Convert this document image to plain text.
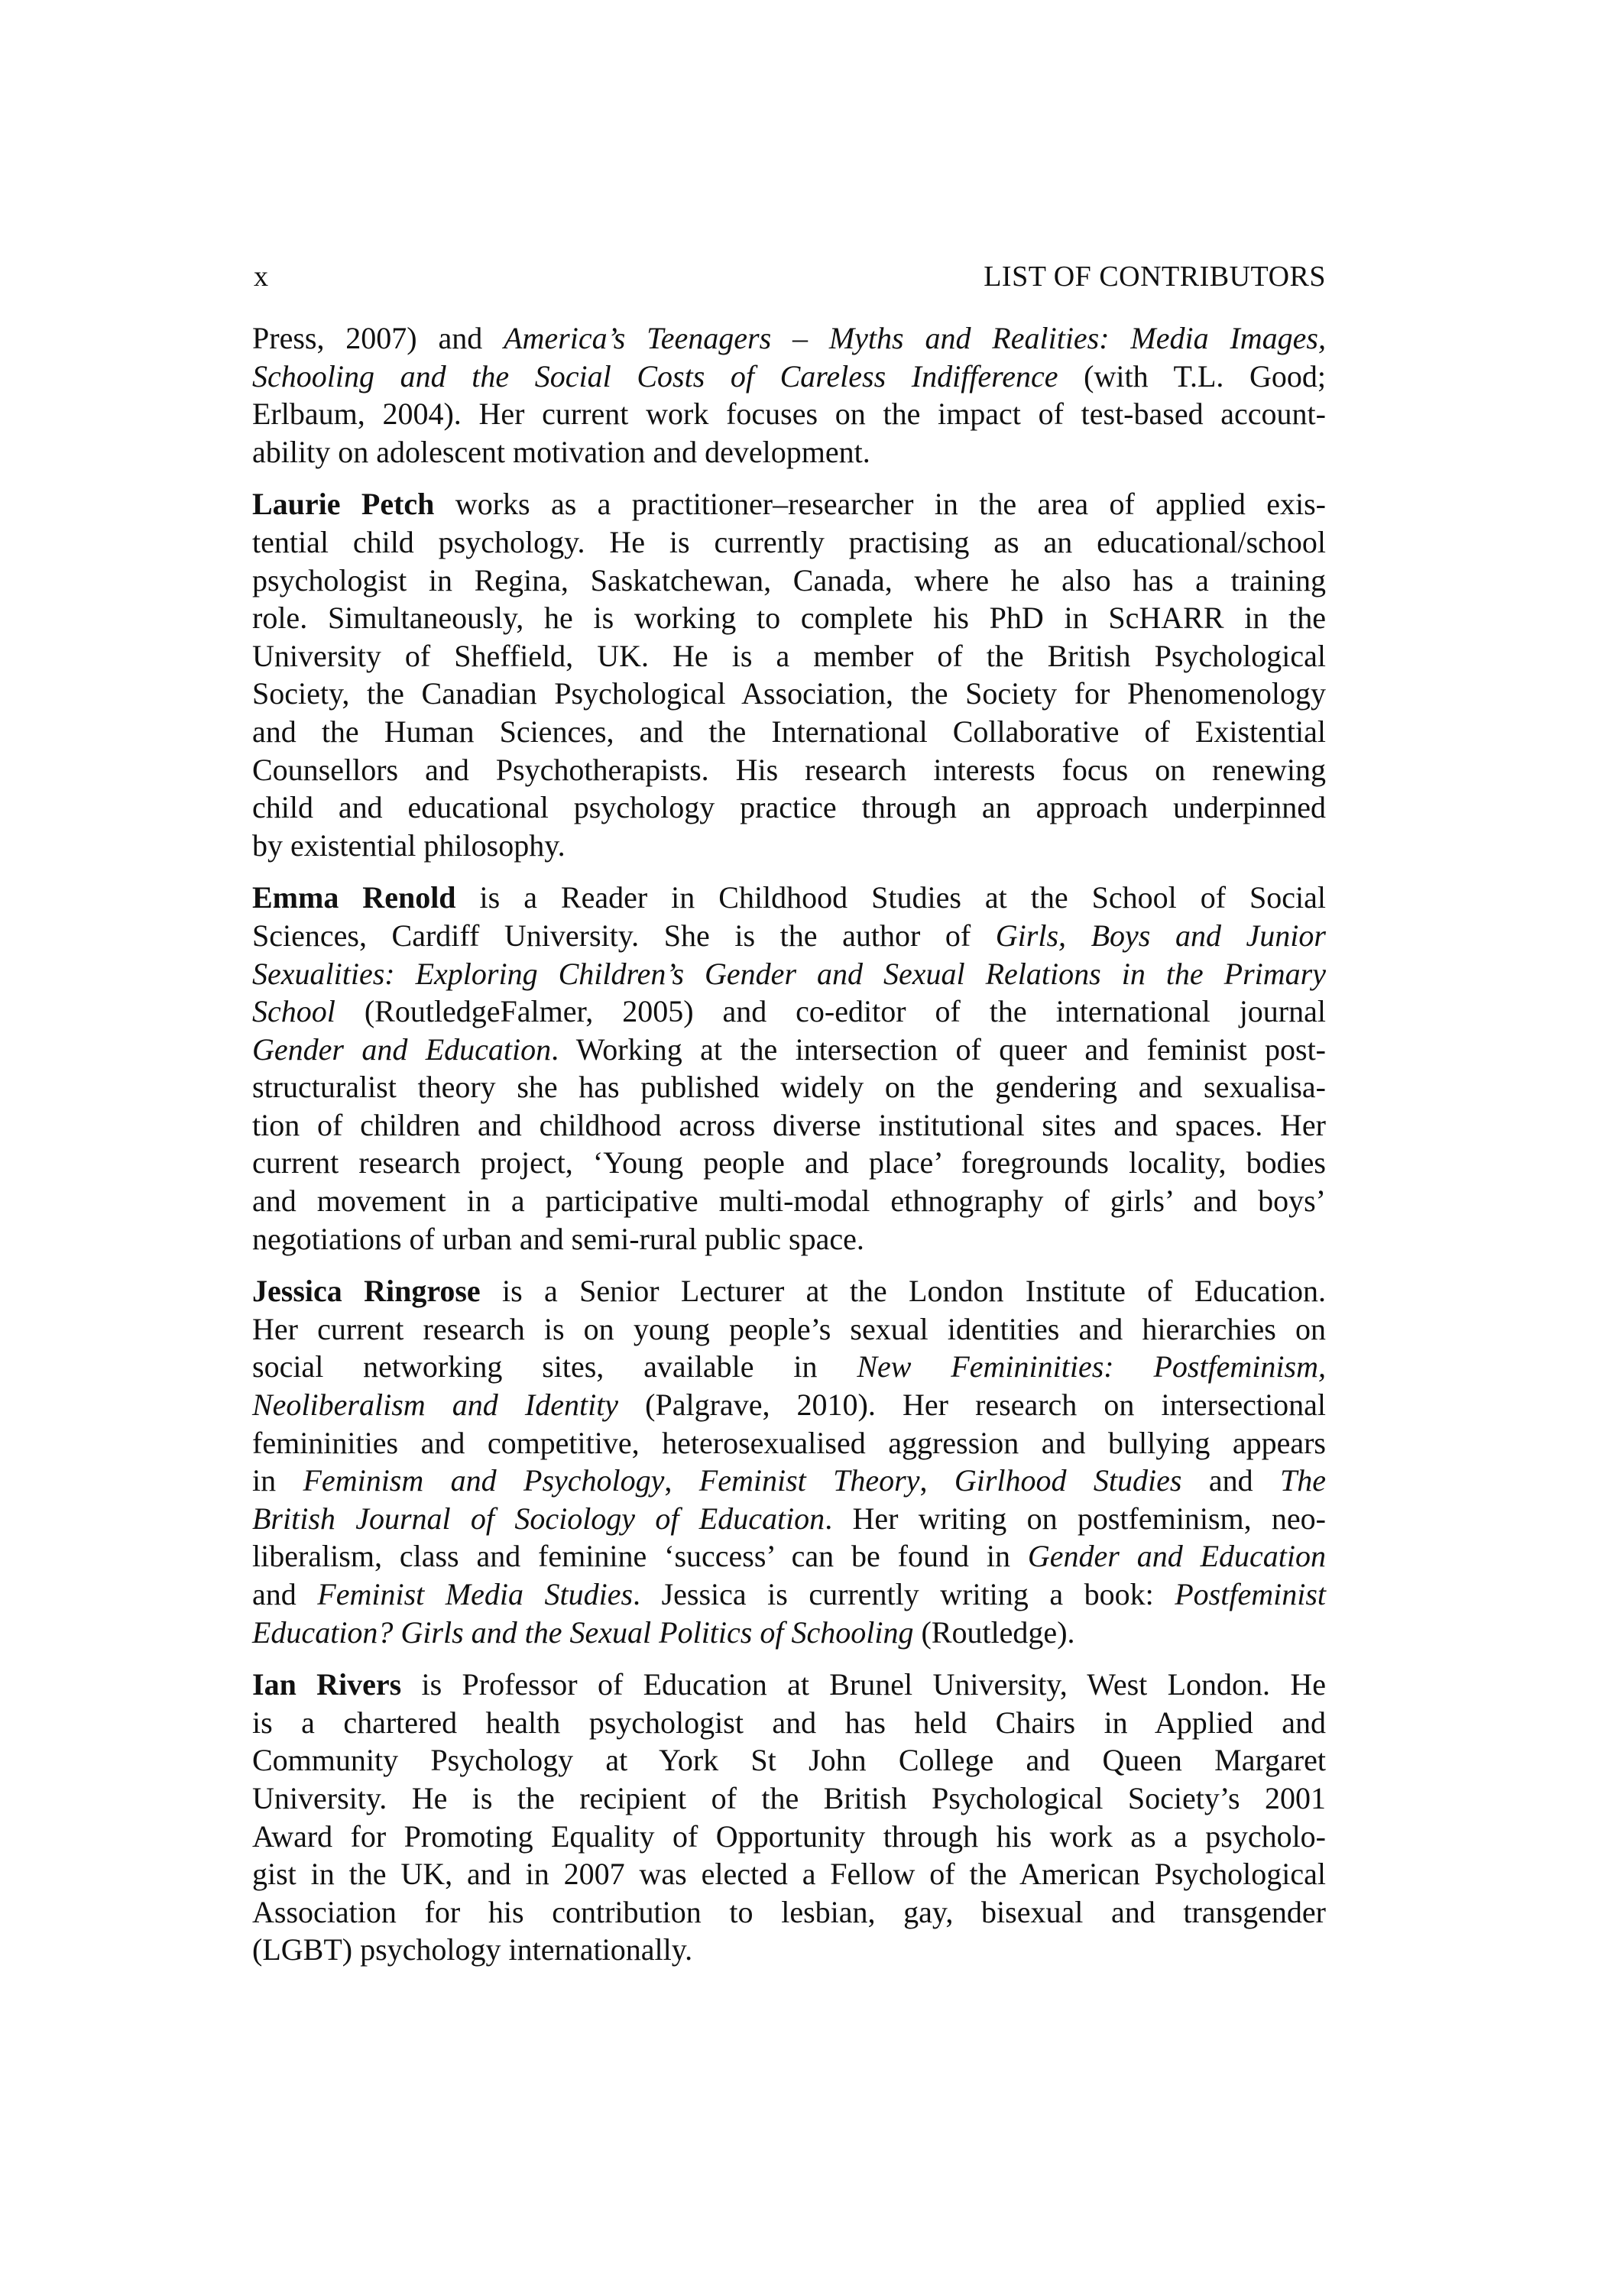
x	LIST OF CONTRIBUTORS
Press, 2007) and America’s Teenagers – Myths and Realities: Media Images,
Schooling and the Social Costs of Careless Indifference (with T.L. Good;
Erlbaum, 2004). Her current work focuses on the impact of test-based account-
ability on adolescent motivation and development.
Laurie Petch works as a practitioner–researcher in the area of applied exis-
tential child psychology. He is currently practising as an educational/school
psychologist in Regina, Saskatchewan, Canada, where he also has a training
role. Simultaneously, he is working to complete his PhD in ScHARR in the
University of Sheffield, UK. He is a member of the British Psychological
Society, the Canadian Psychological Association, the Society for Phenomenology
and the Human Sciences, and the International Collaborative of Existential
Counsellors and Psychotherapists. His research interests focus on renewing
child and educational psychology practice through an approach underpinned
by existential philosophy.
Emma Renold is a Reader in Childhood Studies at the School of Social
Sciences, Cardiff University. She is the author of Girls, Boys and Junior
Sexualities: Exploring Children’s Gender and Sexual Relations in the Primary
School (RoutledgeFalmer, 2005) and co-editor of the international journal
Gender and Education. Working at the intersection of queer and feminist post-
structuralist theory she has published widely on the gendering and sexualisa-
tion of children and childhood across diverse institutional sites and spaces. Her
current research project, ‘Young people and place’ foregrounds locality, bodies
and movement in a participative multi-modal ethnography of girls’ and boys’
negotiations of urban and semi-rural public space.
Jessica Ringrose is a Senior Lecturer at the London Institute of Education.
Her current research is on young people’s sexual identities and hierarchies on
social networking sites, available in New Femininities: Postfeminism,
Neoliberalism and Identity (Palgrave, 2010). Her research on intersectional
femininities and competitive, heterosexualised aggression and bullying appears
in Feminism and Psychology, Feminist Theory, Girlhood Studies and The
British Journal of Sociology of Education. Her writing on postfeminism, neo-
liberalism, class and feminine ‘success’ can be found in Gender and Education
and Feminist Media Studies. Jessica is currently writing a book: Postfeminist
Education? Girls and the Sexual Politics of Schooling (Routledge).
Ian Rivers is Professor of Education at Brunel University, West London. He
is a chartered health psychologist and has held Chairs in Applied and
Community Psychology at York St John College and Queen Margaret
University. He is the recipient of the British Psychological Society’s 2001
Award for Promoting Equality of Opportunity through his work as a psycholo-
gist in the UK, and in 2007 was elected a Fellow of the American Psychological
Association for his contribution to lesbian, gay, bisexual and transgender
(LGBT) psychology internationally.
